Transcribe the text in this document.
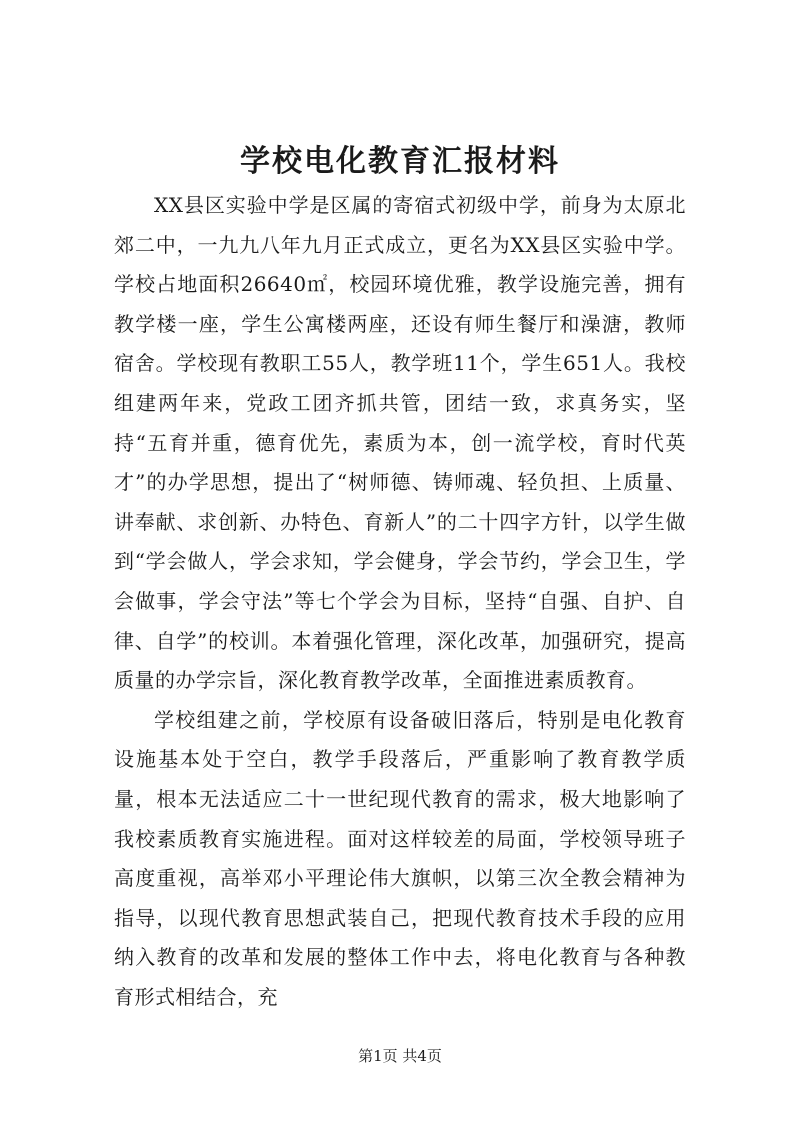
学校电化教育汇报材料

XX县区实验中学是区属的寄宿式初级中学，前身为太原北郊二中，一九九八年九月正式成立，更名为XX县区实验中学。学校占地面积26640㎡，校园环境优雅，教学设施完善，拥有教学楼一座，学生公寓楼两座，还设有师生餐厅和澡溏，教师宿舍。学校现有教职工55人，教学班11个，学生651人。我校组建两年来，党政工团齐抓共管，团结一致，求真务实，坚持“五育并重，德育优先，素质为本，创一流学校，育时代英才”的办学思想，提出了“树师德、铸师魂、轻负担、上质量、讲奉献、求创新、办特色、育新人”的二十四字方针，以学生做到“学会做人，学会求知，学会健身，学会节约，学会卫生，学会做事，学会守法”等七个学会为目标，坚持“自强、自护、自律、自学”的校训。本着强化管理，深化改革，加强研究，提高质量的办学宗旨，深化教育教学改革，全面推进素质教育。

学校组建之前，学校原有设备破旧落后，特别是电化教育设施基本处于空白，教学手段落后，严重影响了教育教学质量，根本无法适应二十一世纪现代教育的需求，极大地影响了我校素质教育实施进程。面对这样较差的局面，学校领导班子高度重视，高举邓小平理论伟大旗帜，以第三次全教会精神为指导，以现代教育思想武装自己，把现代教育技术手段的应用纳入教育的改革和发展的整体工作中去，将电化教育与各种教育形式相结合，充

第1页 共4页
